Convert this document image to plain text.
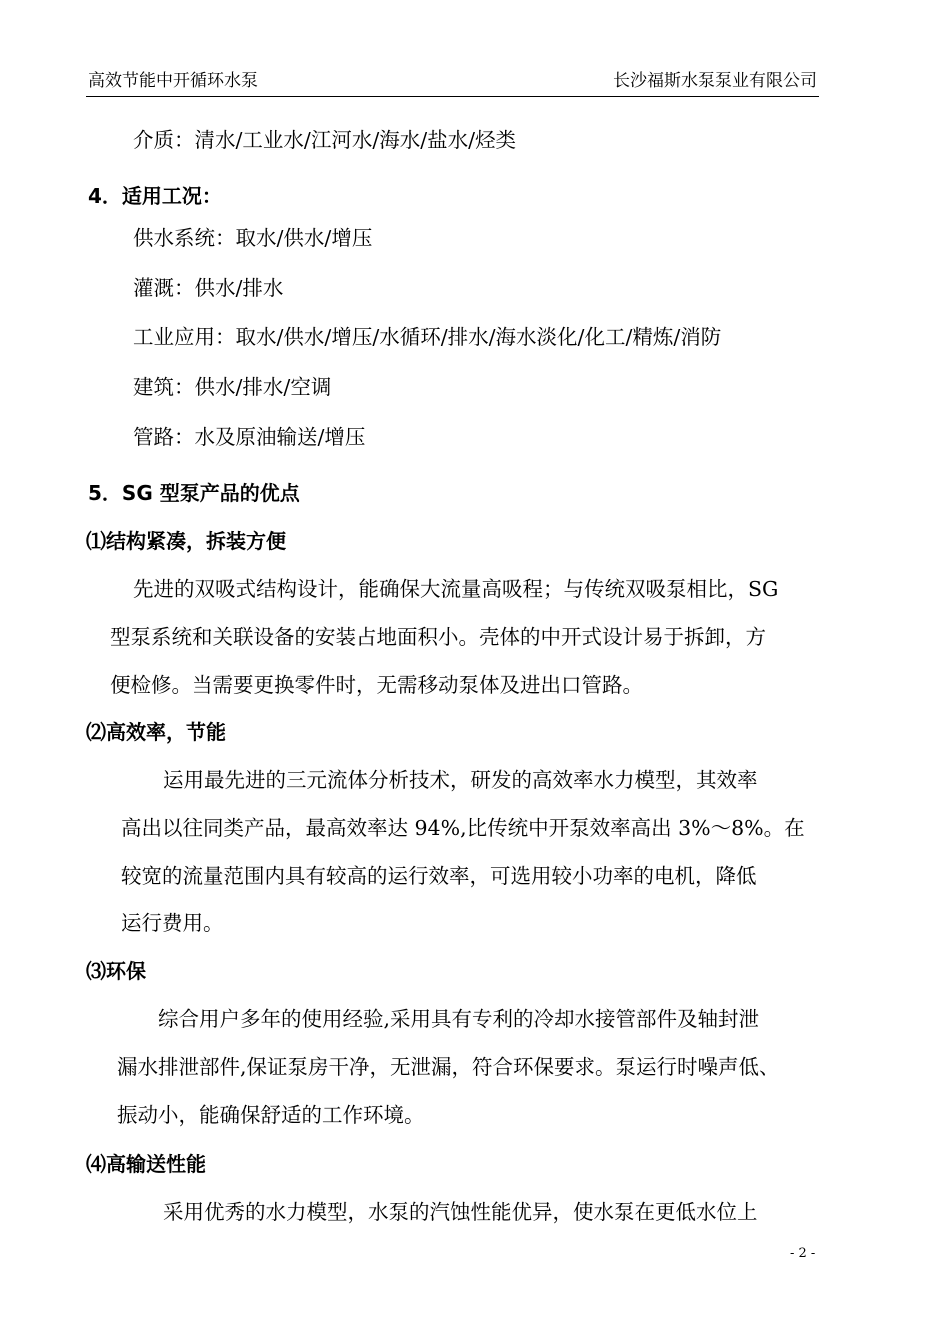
高效节能中开循环水泵	长沙福斯水泵泵业有限公司
介质：清水/工业水/江河水/海水/盐水/烃类
4．适用工况：
供水系统：取水/供水/增压
灌溉：供水/排水
工业应用：取水/供水/增压/水循环/排水/海水淡化/化工/精炼/消防
建筑：供水/排水/空调
管路：水及原油输送/增压
5．SG 型泵产品的优点
⑴结构紧凑，拆装方便
先进的双吸式结构设计，能确保大流量高吸程；与传统双吸泵相比，SG
型泵系统和关联设备的安装占地面积小。壳体的中开式设计易于拆卸，方
便检修。当需要更换零件时，无需移动泵体及进出口管路。
⑵高效率，节能
运用最先进的三元流体分析技术，研发的高效率水力模型，其效率
高出以往同类产品，最高效率达 94%,比传统中开泵效率高出 3%～8%。在
较宽的流量范围内具有较高的运行效率，可选用较小功率的电机，降低
运行费用。
⑶环保
综合用户多年的使用经验,采用具有专利的冷却水接管部件及轴封泄
漏水排泄部件,保证泵房干净，无泄漏，符合环保要求。泵运行时噪声低、
振动小，能确保舒适的工作环境。
⑷高输送性能
采用优秀的水力模型，水泵的汽蚀性能优异，使水泵在更低水位上
- 2 -
